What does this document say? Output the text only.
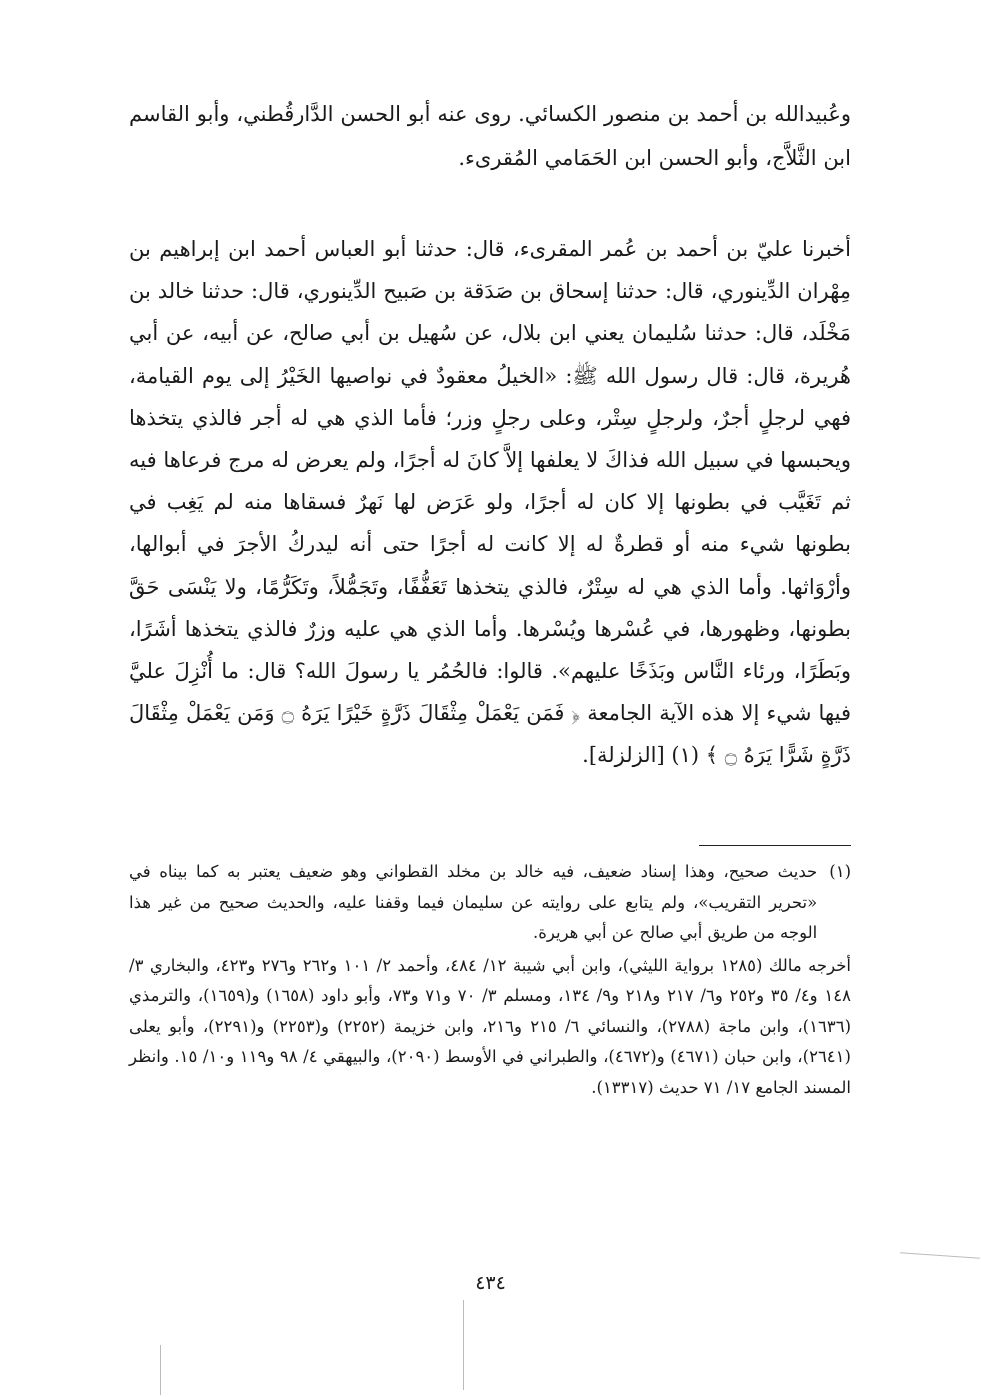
وعُبيدالله بن أحمد بن منصور الكسائي. روى عنه أبو الحسن الدَّارقُطني، وأبو القاسم ابن الثَّلاَّج، وأبو الحسن ابن الحَمَامي المُقرىء.

أخبرنا عليّ بن أحمد بن عُمر المقرىء، قال: حدثنا أبو العباس أحمد ابن إبراهيم بن مِهْران الدِّينوري، قال: حدثنا إسحاق بن صَدَقة بن صَبيح الدِّينوري، قال: حدثنا خالد بن مَخْلَد، قال: حدثنا سُليمان يعني ابن بلال، عن سُهيل بن أبي صالح، عن أبيه، عن أبي هُريرة، قال: قال رسول الله ﷺ: «الخيلُ معقودٌ في نواصيها الخَيْرُ إلى يوم القيامة، فهي لرجلٍ أجرٌ، ولرجلٍ سِتْر، وعلى رجلٍ وزر؛ فأما الذي هي له أجر فالذي يتخذها ويحبسها في سبيل الله فذاكَ لا يعلفها إلاَّ كانَ له أجرًا، ولم يعرض له مرج فرعاها فيه ثم تَغَيَّب في بطونها إلا كان له أجرًا، ولو عَرَض لها نَهرٌ فسقاها منه لم يَغِب في بطونها شيء منه أو قطرةٌ له إلا كانت له أجرًا حتى أنه ليدركُ الأجرَ في أبوالها، وأرْوَاثها. وأما الذي هي له سِتْرٌ، فالذي يتخذها تَعَفُّفًا، وتَجَمُّلاً، وتَكَرُّمًا، ولا يَنْسَى حَقَّ بطونها، وظهورها، في عُسْرها ويُسْرها. وأما الذي هي عليه وزرٌ فالذي يتخذها أشَرًا، وبَطَرًا، ورئاء النَّاس وبَذَخًا عليهم». قالوا: فالحُمُر يا رسولَ الله؟ قال: ما أُنْزِلَ عليَّ فيها شيء إلا هذه الآية الجامعة ﴿ فَمَن يَعْمَلْ مِثْقَالَ ذَرَّةٍ خَيْرًا يَرَهُ ۝ وَمَن يَعْمَلْ مِثْقَالَ ذَرَّةٍ شَرًّا يَرَهُ ۝ ﴾ (١) [الزلزلة].

(١)
حديث صحيح، وهذا إسناد ضعيف، فيه خالد بن مخلد القطواني وهو ضعيف يعتبر به كما بيناه في «تحرير التقريب»، ولم يتابع على روايته عن سليمان فيما وقفنا عليه، والحديث صحيح من غير هذا الوجه من طريق أبي صالح عن أبي هريرة.

أخرجه مالك (١٢٨٥ برواية الليثي)، وابن أبي شيبة ١٢/ ٤٨٤، وأحمد ٢/ ١٠١ و٢٦٢ و٢٧٦ و٤٢٣، والبخاري ٣/ ١٤٨ و٤/ ٣٥ و٢٥٢ و٦/ ٢١٧ و٢١٨ و٩/ ١٣٤، ومسلم ٣/ ٧٠ و٧١ و٧٣، وأبو داود (١٦٥٨) و(١٦٥٩)، والترمذي (١٦٣٦)، وابن ماجة (٢٧٨٨)، والنسائي ٦/ ٢١٥ و٢١٦، وابن خزيمة (٢٢٥٢) و(٢٢٥٣) و(٢٢٩١)، وأبو يعلى (٢٦٤١)، وابن حبان (٤٦٧١) و(٤٦٧٢)، والطبراني في الأوسط (٢٠٩٠)، والبيهقي ٤/ ٩٨ و١١٩ و١٠/ ١٥. وانظر المسند الجامع ١٧/ ٧١ حديث (١٣٣١٧).

٤٣٤
